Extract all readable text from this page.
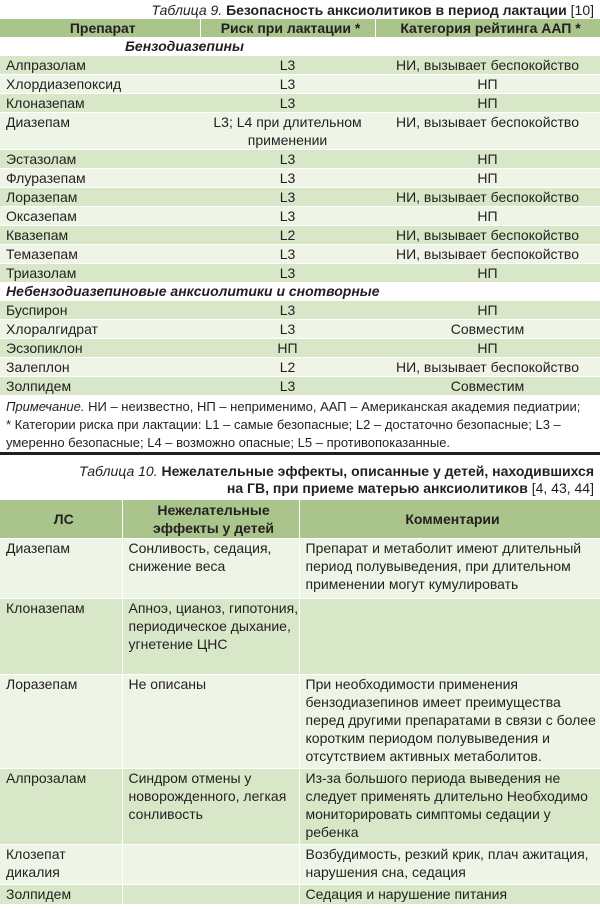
Таблица 9. Безопасность анксиолитиков в период лактации [10]
Препарат	Риск при лактации *	Категория рейтинга ААП *
Бензодиазепины		
Алпразолам	L3	НИ, вызывает беспокойство
Хлордиазепоксид	L3	НП
Клоназепам	L3	НП
Диазепам	L3; L4 при длительном применении	НИ, вызывает беспокойство
Эстазолам	L3	НП
Флуразепам	L3	НП
Лоразепам	L3	НИ, вызывает беспокойство
Оксазепам	L3	НП
Квазепам	L2	НИ, вызывает беспокойство
Темазепам	L3	НИ, вызывает беспокойство
Триазолам	L3	НП
Небензодиазепиновые анксиолитики и снотворные		
Буспирон	L3	НП
Хлоралгидрат	L3	Совместим
Эсзопиклон	НП	НП
Залеплон	L2	НИ, вызывает беспокойство
Золпидем	L3	Совместим
Примечание. НИ – неизвестно, НП – неприменимо, ААП – Американская академия педиатрии;
* Категории риска при лактации: L1 – самые безопасные; L2 – достаточно безопасные; L3 – умеренно безопасные; L4 – возможно опасные; L5 – противопоказанные.
Таблица 10. Нежелательные эффекты, описанные у детей, находившихся
на ГВ, при приеме матерью анксиолитиков [4, 43, 44]
ЛС	Нежелательные эффекты у детей	Комментарии
Диазепам	Сонливость, седация, снижение веса	Препарат и метаболит имеют длительный период полувыведения, при длительном применении могут кумулировать
Клоназепам	Апноэ, цианоз, гипотония, периодическое дыхание, угнетение ЦНС	
Лоразепам	Не описаны	При необходимости применения бензодиазепинов имеет преимущества перед другими препаратами в связи с более коротким периодом полувыведения и отсутствием активных метаболитов.
Алпрозалам	Синдром отмены у новорожденного, легкая сонливость	Из-за большого периода выведения не следует применять длительно Необходимо мониторировать симптомы седации у ребенка
Клозепат дикалия		Возбудимость, резкий крик, плач ажитация, нарушения сна, седация
Золпидем		Седация и нарушение питания
